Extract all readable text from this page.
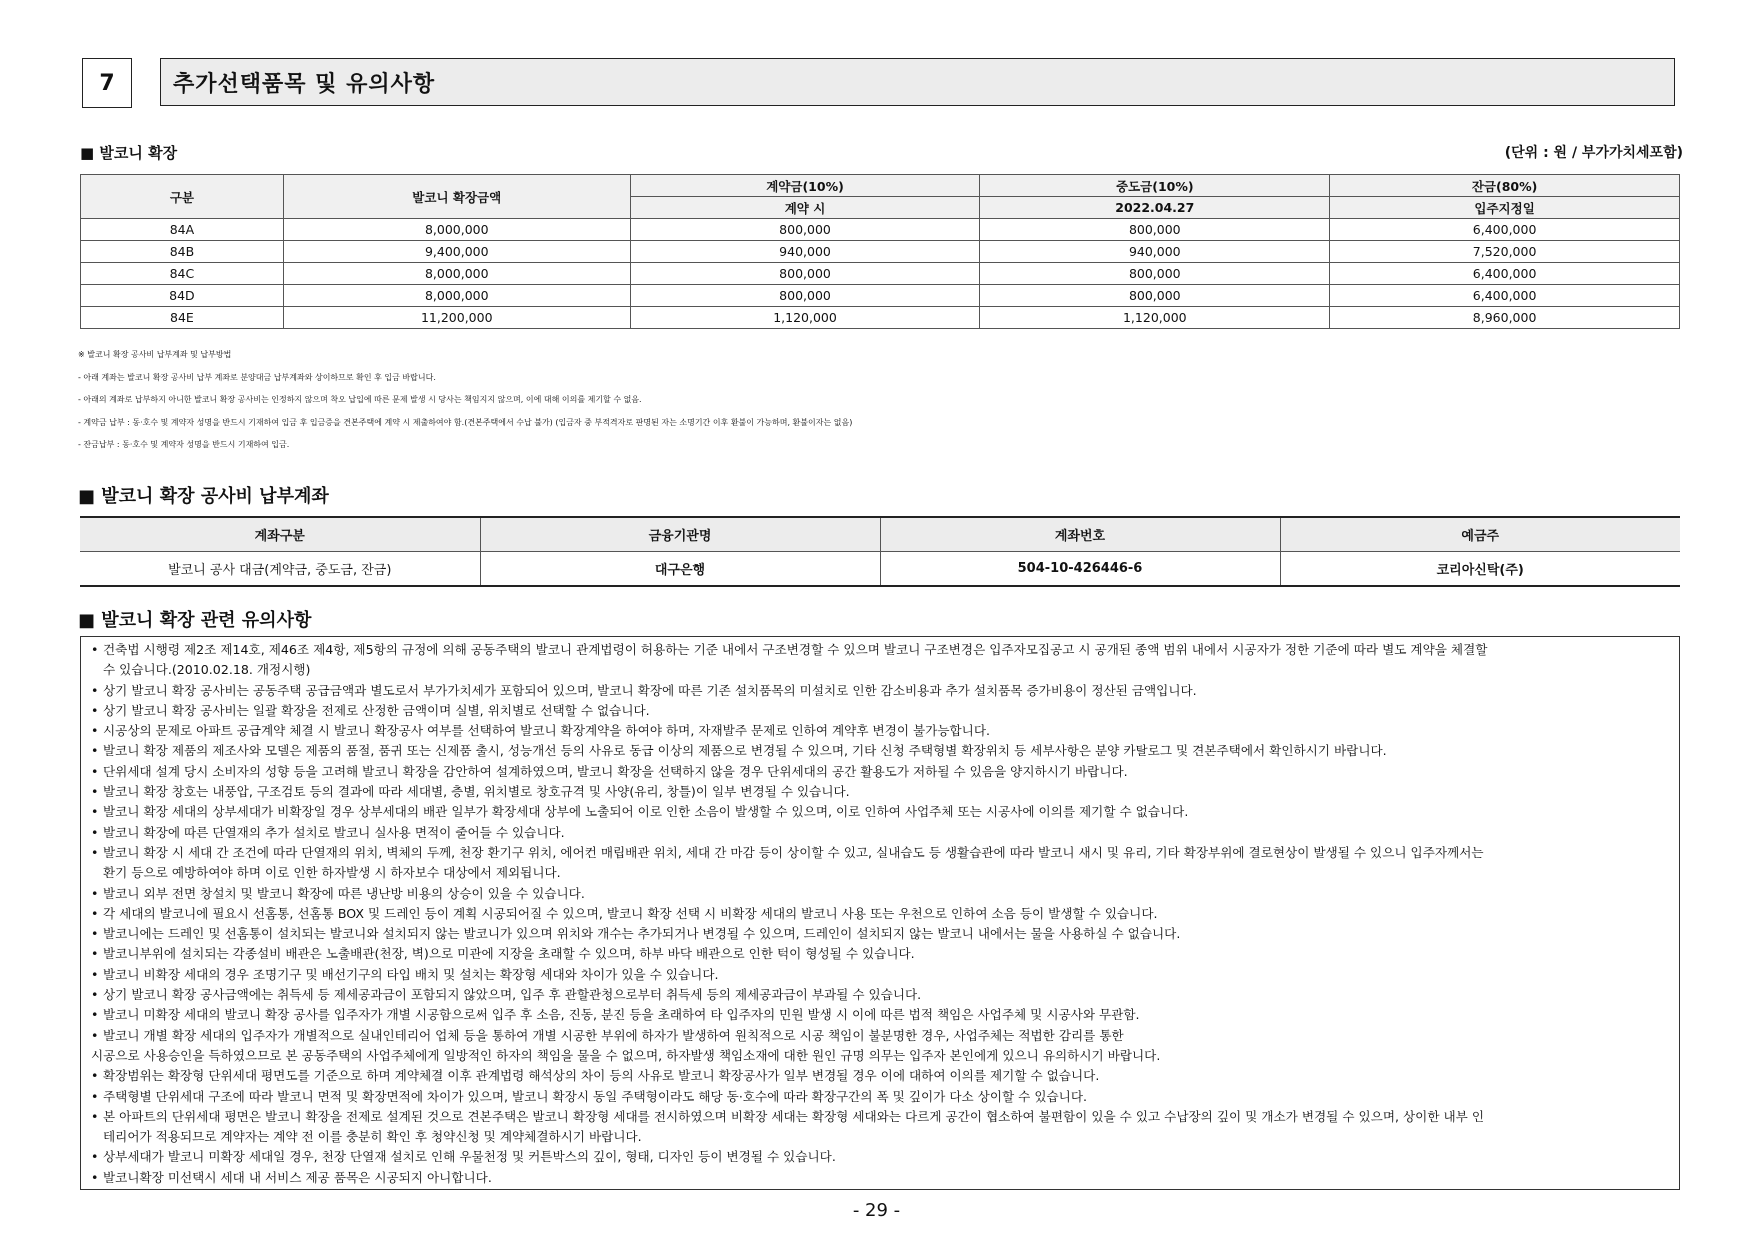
7	추가선택품목 및 유의사항
■ 발코니 확장	(단위 : 원 / 부가가치세포함)
구분	발코니 확장금액	계약금(10%)	중도금(10%)	잔금(80%)
		계약 시	2022.04.27	입주지정일
84A	8,000,000	800,000	800,000	6,400,000
84B	9,400,000	940,000	940,000	7,520,000
84C	8,000,000	800,000	800,000	6,400,000
84D	8,000,000	800,000	800,000	6,400,000
84E	11,200,000	1,120,000	1,120,000	8,960,000
※ 발코니 확장 공사비 납부계좌 및 납부방법
- 아래 계좌는 발코니 확장 공사비 납부 계좌로 분양대금 납부계좌와 상이하므로 확인 후 입금 바랍니다.
- 아래의 계좌로 납부하지 아니한 발코니 확장 공사비는 인정하지 않으며 착오 납입에 따른 문제 발생 시 당사는 책임지지 않으며, 이에 대해 이의를 제기할 수 없음.
- 계약금 납부 : 동·호수 및 계약자 성명을 반드시 기재하여 입금 후 입금증을 견본주택에 계약 시 제출하여야 함.(견본주택에서 수납 불가) (입금자 중 부적격자로 판명된 자는 소명기간 이후 환불이 가능하며, 환불이자는 없음)
- 잔금납부 : 동·호수 및 계약자 성명을 반드시 기재하여 입금.
■ 발코니 확장 공사비 납부계좌
계좌구분	금융기관명	계좌번호	예금주
발코니 공사 대금(계약금, 중도금, 잔금)	대구은행	504-10-426446-6	코리아신탁(주)
■ 발코니 확장 관련 유의사항
• 건축법 시행령 제2조 제14호, 제46조 제4항, 제5항의 규정에 의해 공동주택의 발코니 관계법령이 허용하는 기준 내에서 구조변경할 수 있으며 발코니 구조변경은 입주자모집공고 시 공개된 종액 범위 내에서 시공자가 정한 기준에 따라 별도 계약을 체결할
수 있습니다.(2010.02.18. 개정시행)
• 상기 발코니 확장 공사비는 공동주택 공급금액과 별도로서 부가가치세가 포함되어 있으며, 발코니 확장에 따른 기존 설치품목의 미설치로 인한 감소비용과 추가 설치품목 증가비용이 정산된 금액입니다.
• 상기 발코니 확장 공사비는 일괄 확장을 전제로 산정한 금액이며 실별, 위치별로 선택할 수 없습니다.
• 시공상의 문제로 아파트 공급계약 체결 시 발코니 확장공사 여부를 선택하여 발코니 확장계약을 하여야 하며, 자재발주 문제로 인하여 계약후 변경이 불가능합니다.
• 발코니 확장 제품의 제조사와 모델은 제품의 품절, 품귀 또는 신제품 출시, 성능개선 등의 사유로 동급 이상의 제품으로 변경될 수 있으며, 기타 신청 주택형별 확장위치 등 세부사항은 분양 카탈로그 및 견본주택에서 확인하시기 바랍니다.
• 단위세대 설계 당시 소비자의 성향 등을 고려해 발코니 확장을 감안하여 설계하였으며, 발코니 확장을 선택하지 않을 경우 단위세대의 공간 활용도가 저하될 수 있음을 양지하시기 바랍니다.
• 발코니 확장 창호는 내풍압, 구조검토 등의 결과에 따라 세대별, 층별, 위치별로 창호규격 및 사양(유리, 창틀)이 일부 변경될 수 있습니다.
• 발코니 확장 세대의 상부세대가 비확장일 경우 상부세대의 배관 일부가 확장세대 상부에 노출되어 이로 인한 소음이 발생할 수 있으며, 이로 인하여 사업주체 또는 시공사에 이의를 제기할 수 없습니다.
• 발코니 확장에 따른 단열재의 추가 설치로 발코니 실사용 면적이 줄어들 수 있습니다.
• 발코니 확장 시 세대 간 조건에 따라 단열재의 위치, 벽체의 두께, 천장 환기구 위치, 에어컨 매립배관 위치, 세대 간 마감 등이 상이할 수 있고, 실내습도 등 생활습관에 따라 발코니 새시 및 유리, 기타 확장부위에 결로현상이 발생될 수 있으니 입주자께서는
환기 등으로 예방하여야 하며 이로 인한 하자발생 시 하자보수 대상에서 제외됩니다.
• 발코니 외부 전면 창설치 및 발코니 확장에 따른 냉난방 비용의 상승이 있을 수 있습니다.
• 각 세대의 발코니에 필요시 선홈통, 선홈통 BOX 및 드레인 등이 계획 시공되어질 수 있으며, 발코니 확장 선택 시 비확장 세대의 발코니 사용 또는 우천으로 인하여 소음 등이 발생할 수 있습니다.
• 발코니에는 드레인 및 선홈통이 설치되는 발코니와 설치되지 않는 발코니가 있으며 위치와 개수는 추가되거나 변경될 수 있으며, 드레인이 설치되지 않는 발코니 내에서는 물을 사용하실 수 없습니다.
• 발코니부위에 설치되는 각종설비 배관은 노출배관(천장, 벽)으로 미관에 지장을 초래할 수 있으며, 하부 바닥 배관으로 인한 턱이 형성될 수 있습니다.
• 발코니 비확장 세대의 경우 조명기구 및 배선기구의 타입 배치 및 설치는 확장형 세대와 차이가 있을 수 있습니다.
• 상기 발코니 확장 공사금액에는 취득세 등 제세공과금이 포함되지 않았으며, 입주 후 관할관청으로부터 취득세 등의 제세공과금이 부과될 수 있습니다.
• 발코니 미확장 세대의 발코니 확장 공사를 입주자가 개별 시공함으로써 입주 후 소음, 진동, 분진 등을 초래하여 타 입주자의 민원 발생 시 이에 따른 법적 책임은 사업주체 및 시공사와 무관함.
• 발코니 개별 확장 세대의 입주자가 개별적으로 실내인테리어 업체 등을 통하여 개별 시공한 부위에 하자가 발생하여 원칙적으로 시공 책임이 불분명한 경우, 사업주체는 적법한 감리를 통한
시공으로 사용승인을 득하였으므로 본 공동주택의 사업주체에게 일방적인 하자의 책임을 물을 수 없으며, 하자발생 책임소재에 대한 원인 규명 의무는 입주자 본인에게 있으니 유의하시기 바랍니다.
• 확장범위는 확장형 단위세대 평면도를 기준으로 하며 계약체결 이후 관계법령 해석상의 차이 등의 사유로 발코니 확장공사가 일부 변경될 경우 이에 대하여 이의를 제기할 수 없습니다.
• 주택형별 단위세대 구조에 따라 발코니 면적 및 확장면적에 차이가 있으며, 발코니 확장시 동일 주택형이라도 해당 동·호수에 따라 확장구간의 폭 및 깊이가 다소 상이할 수 있습니다.
• 본 아파트의 단위세대 평면은 발코니 확장을 전제로 설계된 것으로 견본주택은 발코니 확장형 세대를 전시하였으며 비확장 세대는 확장형 세대와는 다르게 공간이 협소하여 불편함이 있을 수 있고 수납장의 깊이 및 개소가 변경될 수 있으며, 상이한 내부 인
테리어가 적용되므로 계약자는 계약 전 이를 충분히 확인 후 청약신청 및 계약체결하시기 바랍니다.
• 상부세대가 발코니 미확장 세대일 경우, 천장 단열재 설치로 인해 우물천정 및 커튼박스의 깊이, 형태, 디자인 등이 변경될 수 있습니다.
• 발코니확장 미선택시 세대 내 서비스 제공 품목은 시공되지 아니합니다.
- 29 -
